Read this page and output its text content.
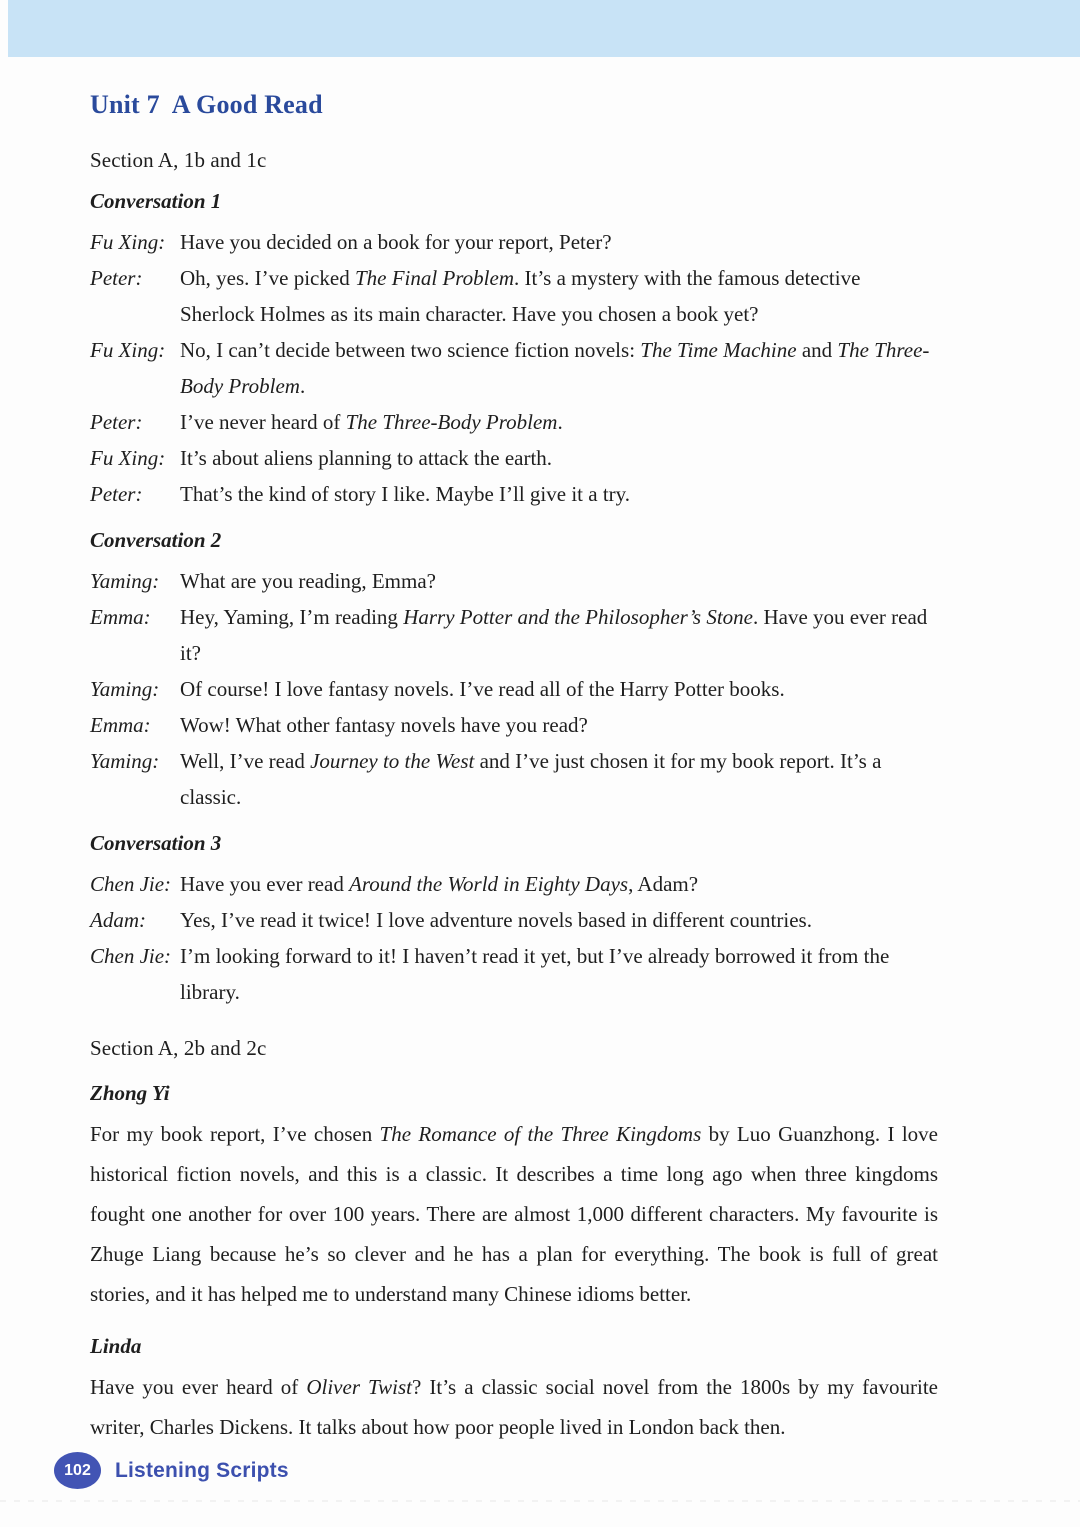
Unit 7  A Good Read
Section A, 1b and 1c
Conversation 1
Fu Xing: Have you decided on a book for your report, Peter?
Peter:	Oh, yes. I’ve picked The Final Problem. It’s a mystery with the famous detective Sherlock Holmes as its main character. Have you chosen a book yet?
Fu Xing: No, I can’t decide between two science fiction novels: The Time Machine and The Three-Body Problem.
Peter:	I’ve never heard of The Three-Body Problem.
Fu Xing: It’s about aliens planning to attack the earth.
Peter:	That’s the kind of story I like. Maybe I’ll give it a try.
Conversation 2
Yaming: What are you reading, Emma?
Emma:	Hey, Yaming, I’m reading Harry Potter and the Philosopher’s Stone. Have you ever read it?
Yaming: Of course! I love fantasy novels. I’ve read all of the Harry Potter books.
Emma:	Wow! What other fantasy novels have you read?
Yaming: Well, I’ve read Journey to the West and I’ve just chosen it for my book report. It’s a classic.
Conversation 3
Chen Jie: Have you ever read Around the World in Eighty Days, Adam?
Adam:	Yes, I’ve read it twice! I love adventure novels based in different countries.
Chen Jie: I’m looking forward to it! I haven’t read it yet, but I’ve already borrowed it from the library.
Section A, 2b and 2c
Zhong Yi

For my book report, I’ve chosen The Romance of the Three Kingdoms by Luo Guanzhong. I love historical fiction novels, and this is a classic. It describes a time long ago when three kingdoms fought one another for over 100 years. There are almost 1,000 different characters. My favourite is Zhuge Liang because he’s so clever and he has a plan for everything. The book is full of great stories, and it has helped me to understand many Chinese idioms better.

Linda

Have you ever heard of Oliver Twist? It’s a classic social novel from the 1800s by my favourite writer, Charles Dickens. It talks about how poor people lived in London back then.

102	Listening Scripts
